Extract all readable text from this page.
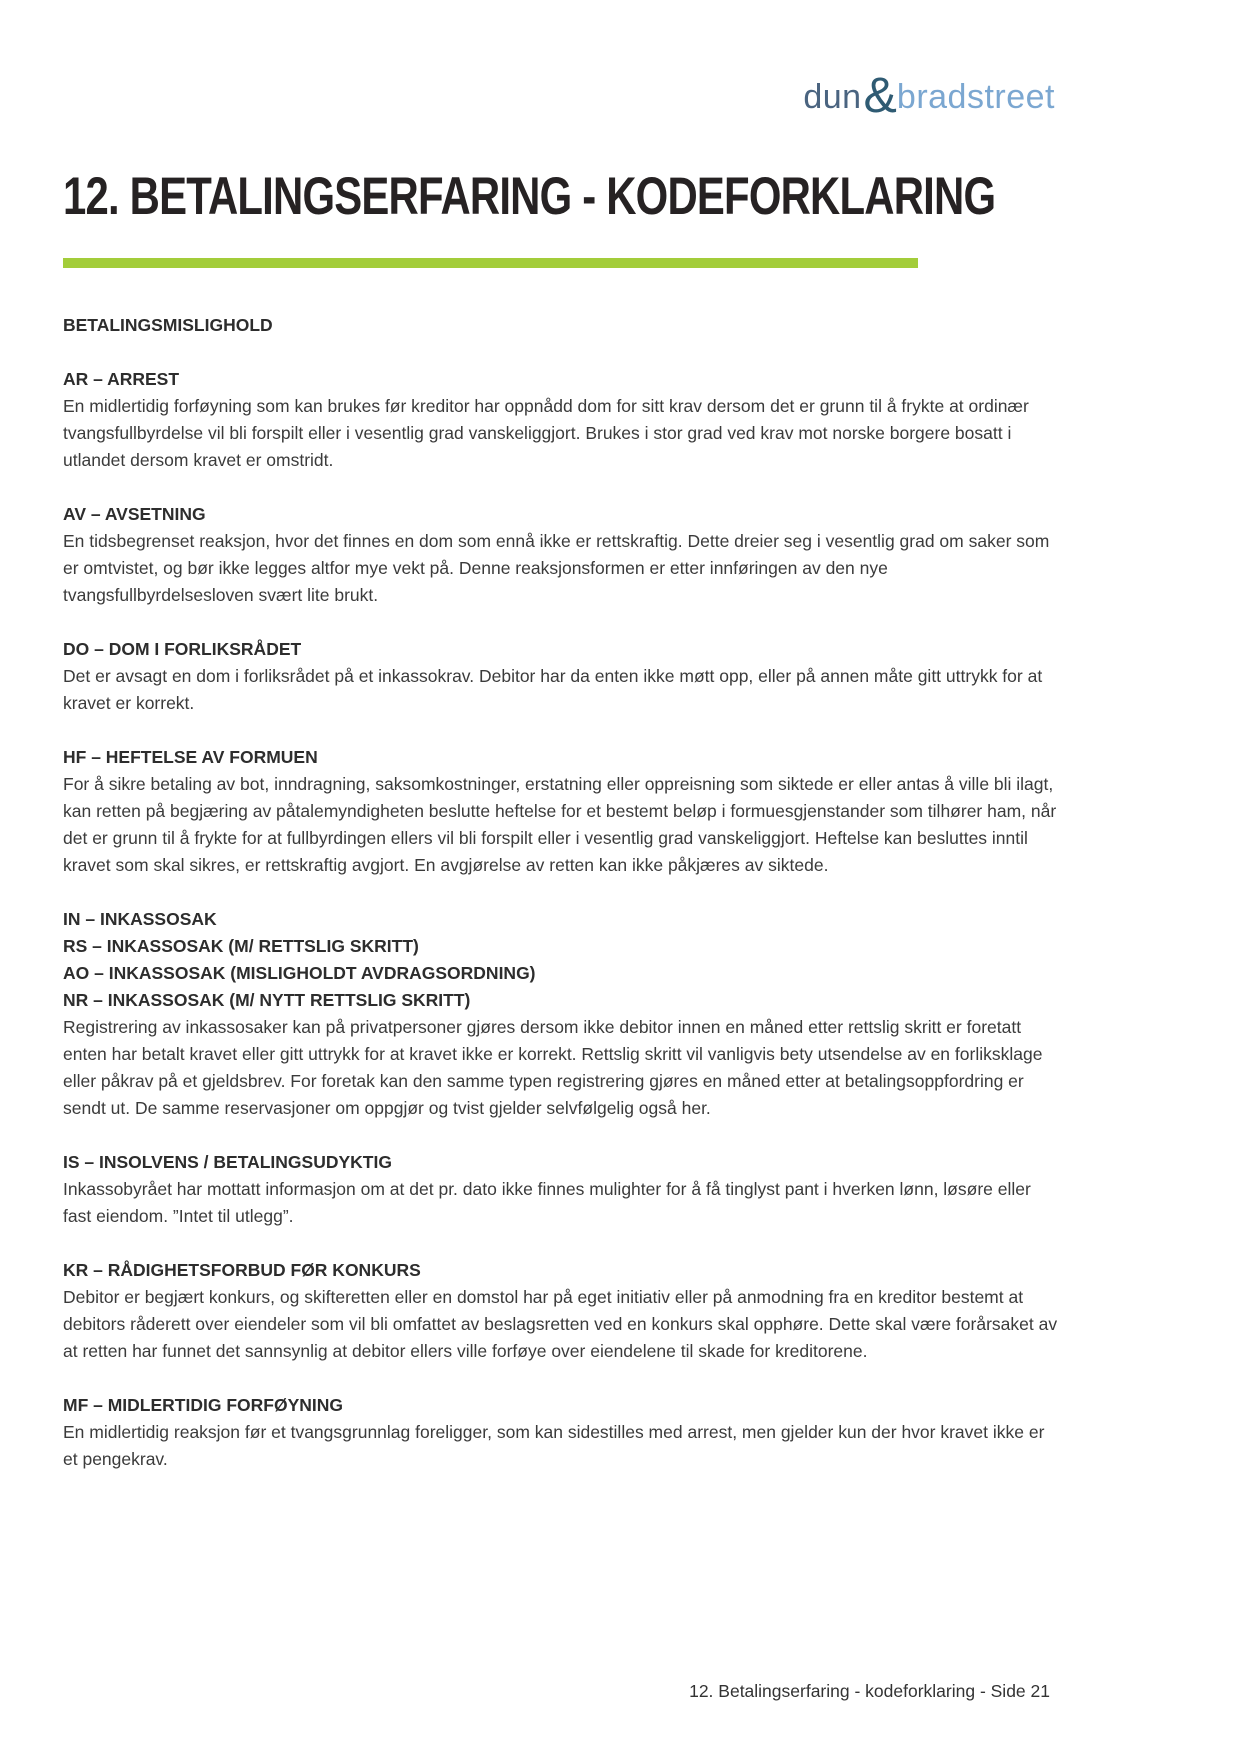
dun & bradstreet
12. BETALINGSERFARING - KODEFORKLARING
BETALINGSMISLIGHOLD
AR – ARREST

En midlertidig forføyning som kan brukes før kreditor har oppnådd dom for sitt krav dersom det er grunn til å frykte at ordinær tvangsfullbyrdelse vil bli forspilt eller i vesentlig grad vanskeliggjort. Brukes i stor grad ved krav mot norske borgere bosatt i utlandet dersom kravet er omstridt.

AV – AVSETNING

En tidsbegrenset reaksjon, hvor det finnes en dom som ennå ikke er rettskraftig. Dette dreier seg i vesentlig grad om saker som er omtvistet, og bør ikke legges altfor mye vekt på. Denne reaksjonsformen er etter innføringen av den nye tvangsfullbyrdelsesloven svært lite brukt.

DO – DOM I FORLIKSRÅDET

Det er avsagt en dom i forliksrådet på et inkassokrav. Debitor har da enten ikke møtt opp, eller på annen måte gitt uttrykk for at kravet er korrekt.

HF – HEFTELSE AV FORMUEN

For å sikre betaling av bot, inndragning, saksomkostninger, erstatning eller oppreisning som siktede er eller antas å ville bli ilagt, kan retten på begjæring av påtalemyndigheten beslutte heftelse for et bestemt beløp i formuesgjenstander som tilhører ham, når det er grunn til å frykte for at fullbyrdingen ellers vil bli forspilt eller i vesentlig grad vanskeliggjort. Heftelse kan besluttes inntil kravet som skal sikres, er rettskraftig avgjort. En avgjørelse av retten kan ikke påkjæres av siktede.

IN – INKASSOSAK
RS – INKASSOSAK (M/ RETTSLIG SKRITT)
AO – INKASSOSAK (MISLIGHOLDT AVDRAGSORDNING)
NR – INKASSOSAK (M/ NYTT RETTSLIG SKRITT)

Registrering av inkassosaker kan på privatpersoner gjøres dersom ikke debitor innen en måned etter rettslig skritt er foretatt enten har betalt kravet eller gitt uttrykk for at kravet ikke er korrekt. Rettslig skritt vil vanligvis bety utsendelse av en forliksklage eller påkrav på et gjeldsbrev. For foretak kan den samme typen registrering gjøres en måned etter at betalingsoppfordring er sendt ut. De samme reservasjoner om oppgjør og tvist gjelder selvfølgelig også her.

IS – INSOLVENS / BETALINGSUDYKTIG

Inkassobyrået har mottatt informasjon om at det pr. dato ikke finnes mulighter for å få tinglyst pant i hverken lønn, løsøre eller fast eiendom. ”Intet til utlegg”.

KR – RÅDIGHETSFORBUD FØR KONKURS

Debitor er begjært konkurs, og skifteretten eller en domstol har på eget initiativ eller på anmodning fra en kreditor bestemt at debitors råderett over eiendeler som vil bli omfattet av beslagsretten ved en konkurs skal opphøre. Dette skal være forårsaket av at retten har funnet det sannsynlig at debitor ellers ville forføye over eiendelene til skade for kreditorene.

MF – MIDLERTIDIG FORFØYNING

En midlertidig reaksjon før et tvangsgrunnlag foreligger, som kan sidestilles med arrest, men gjelder kun der hvor kravet ikke er et pengekrav.

12. Betalingserfaring - kodeforklaring - Side 21
